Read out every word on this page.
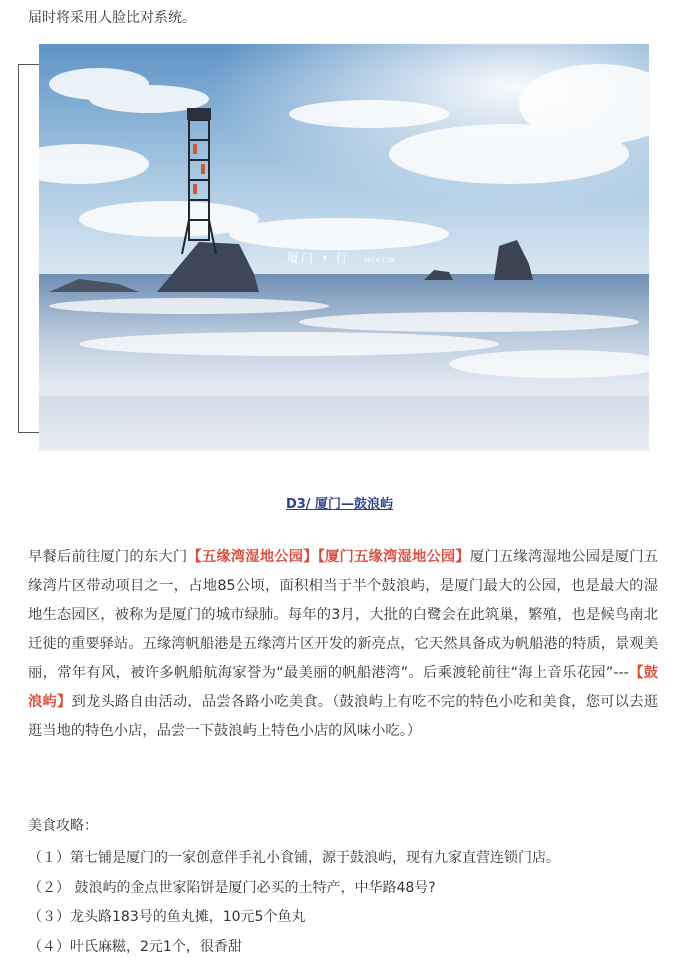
届时将采用人脸比对系统。
厦门 • 行 2014.1.28
D3/ 厦门—鼓浪屿
早餐后前往厦门的东大门【五缘湾湿地公园】【厦门五缘湾湿地公园】厦门五缘湾湿地公园是厦门五缘湾片区带动项目之一，占地85公顷，面积相当于半个鼓浪屿，是厦门最大的公园，也是最大的湿地生态园区，被称为是厦门的城市绿肺。每年的3月，大批的白鹭会在此筑巢，繁殖，也是候鸟南北迁徙的重要驿站。五缘湾帆船港是五缘湾片区开发的新亮点，它天然具备成为帆船港的特质，景观美丽，常年有风，被许多帆船航海家誉为“最美丽的帆船港湾”。后乘渡轮前往“海上音乐花园”---【鼓浪屿】到龙头路自由活动，品尝各路小吃美食。（鼓浪屿上有吃不完的特色小吃和美食，您可以去逛逛当地的特色小店，品尝一下鼓浪屿上特色小店的风味小吃。）
美食攻略：
（１）第七铺是厦门的一家创意伴手礼小食铺，源于鼓浪屿，现有九家直营连锁门店。
（２） 鼓浪屿的金点世家陷饼是厦门必买的土特产，中华路48号?
（３）龙头路183号的鱼丸摊，10元5个鱼丸
（４）叶氏麻糍，2元1个，很香甜
